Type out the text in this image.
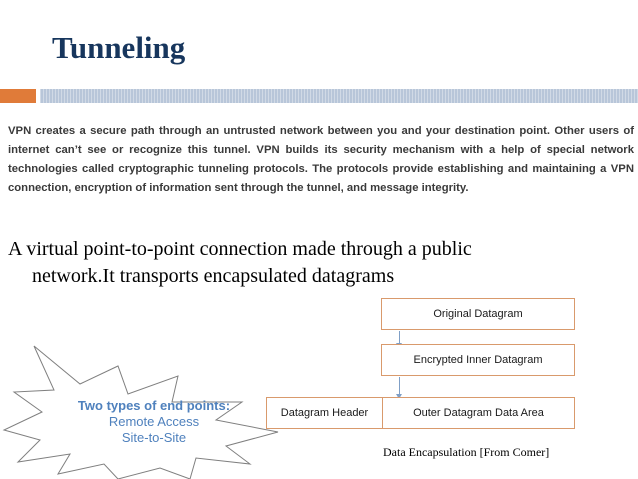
Tunneling
VPN creates a secure path through an untrusted network between you and your destination point. Other users of internet can’t see or recognize this tunnel. VPN builds its security mechanism with a help of special network technologies called cryptographic tunneling protocols. The protocols provide establishing and maintaining a VPN connection, encryption of information sent through the tunnel, and message integrity.
A virtual point-to-point connection made through a public
network.It transports encapsulated datagrams
Original Datagram
Encrypted Inner Datagram
Datagram Header	Outer Datagram Data Area
Data Encapsulation [From Comer]
Two types of end points:
Remote Access
Site-to-Site
